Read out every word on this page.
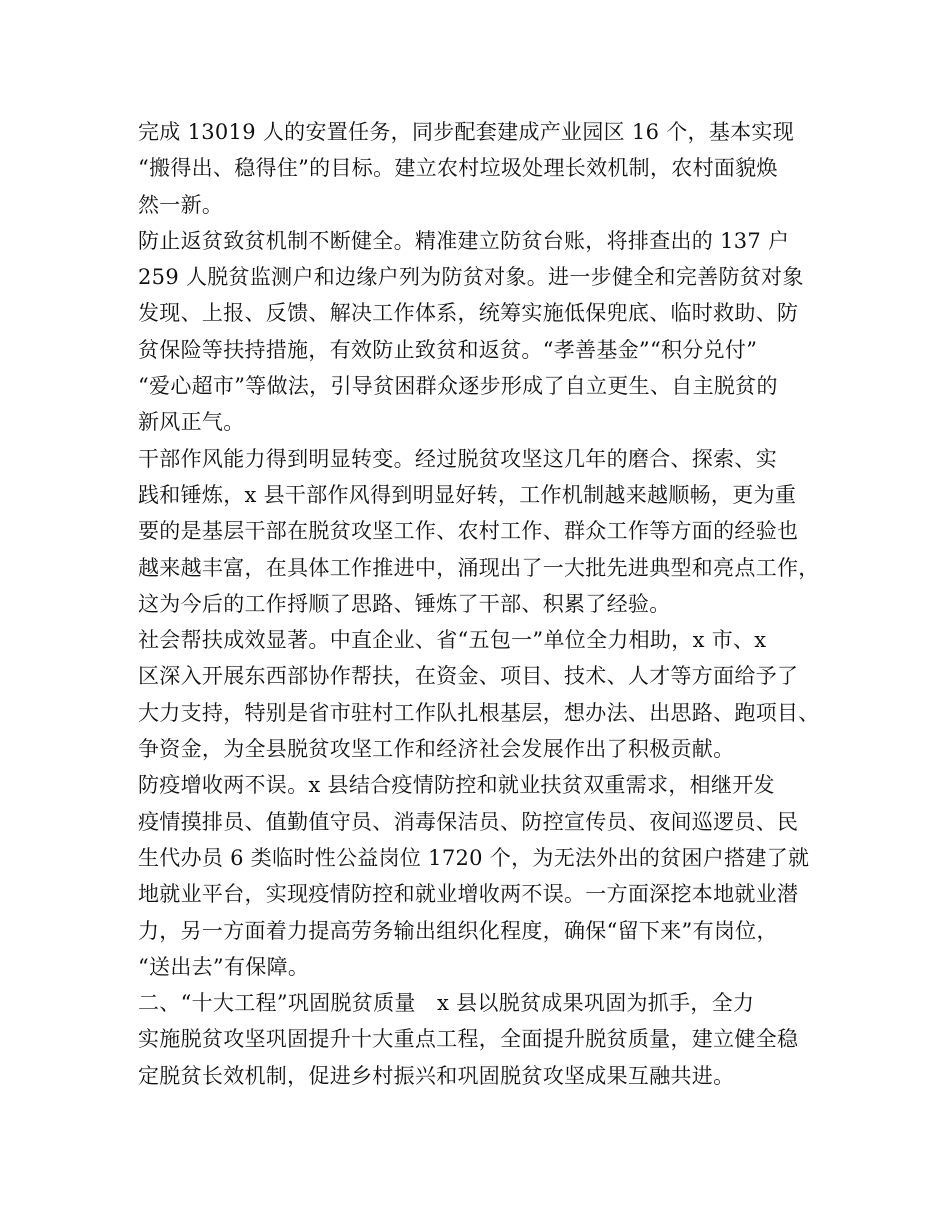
完成 13019 人的安置任务，同步配套建成产业园区 16 个，基本实现
“搬得出、稳得住”的目标。建立农村垃圾处理长效机制，农村面貌焕
然一新。
防止返贫致贫机制不断健全。精准建立防贫台账，将排查出的 137 户
259 人脱贫监测户和边缘户列为防贫对象。进一步健全和完善防贫对象
发现、上报、反馈、解决工作体系，统筹实施低保兜底、临时救助、防
贫保险等扶持措施，有效防止致贫和返贫。“孝善基金”“积分兑付”
“爱心超市”等做法，引导贫困群众逐步形成了自立更生、自主脱贫的
新风正气。
干部作风能力得到明显转变。经过脱贫攻坚这几年的磨合、探索、实
践和锤炼，x 县干部作风得到明显好转，工作机制越来越顺畅，更为重
要的是基层干部在脱贫攻坚工作、农村工作、群众工作等方面的经验也
越来越丰富，在具体工作推进中，涌现出了一大批先进典型和亮点工作，
这为今后的工作捋顺了思路、锤炼了干部、积累了经验。
社会帮扶成效显著。中直企业、省“五包一”单位全力相助，x 市、x
区深入开展东西部协作帮扶，在资金、项目、技术、人才等方面给予了
大力支持，特别是省市驻村工作队扎根基层，想办法、出思路、跑项目、
争资金，为全县脱贫攻坚工作和经济社会发展作出了积极贡献。
防疫增收两不误。x 县结合疫情防控和就业扶贫双重需求，相继开发
疫情摸排员、值勤值守员、消毒保洁员、防控宣传员、夜间巡逻员、民
生代办员 6 类临时性公益岗位 1720 个，为无法外出的贫困户搭建了就
地就业平台，实现疫情防控和就业增收两不误。一方面深挖本地就业潜
力，另一方面着力提高劳务输出组织化程度，确保“留下来”有岗位，
“送出去”有保障。
二、“十大工程”巩固脱贫质量　x 县以脱贫成果巩固为抓手，全力
实施脱贫攻坚巩固提升十大重点工程，全面提升脱贫质量，建立健全稳
定脱贫长效机制，促进乡村振兴和巩固脱贫攻坚成果互融共进。
